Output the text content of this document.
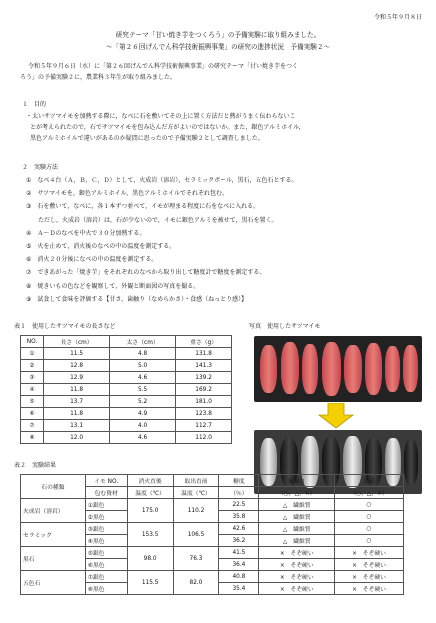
令和５年９月８日
研究テーマ「甘い焼き芋をつくろう」の予備実験に取り組みました。
～「第２６回げんでん科学技術振興事業」の研究の進捗状況　予備実験２～
令和５年９月６日（水）に「第２６回げんでん科学技術振興事業」の研究テーマ「甘い焼き芋をつく
ろう」の予備実験２に，農業科３年生が取り組みました。
１　目的
・太いサツマイモを加熱する際に，なべに石を敷いてその上に置く方法だと熱がうまく伝わらないこ
とが考えられたので，石でサツマイモを包み込んだ方がよいのではないか。また，銀色アルミホイル，
黒色アルミホイルで違いがあるのか疑問に思ったので予備実験２として調査しました。
２　実験方法
①　なべ４台（Ａ，Ｂ，Ｃ，Ｄ）として，火成岩（溶岩），セラミックボール，黒石，五色石とする。
②　サツマイモを，銀色アルミホイル，黒色アルミホイルでそれぞれ包む。
③　石を敷いて，なべに，各１本ずつ並べて，イモが埋まる程度に石をなべに入れる。
　　ただし，火成岩（溶岩）は，石が少ないので，イモに銀色アルミを被せて，黒石を置く。
④　Ａ～Ｄのなべを中火で３０分加熱する。
⑤　火を止めて，消火後のなべの中の温度を測定する。
⑥　消火２０分後になべの中の温度を測定する。
⑦　できあがった「焼き芋」をそれぞれのなべから取り出して糖度計で糖度を測定する。
⑧　焼きいもの色などを観察して，外観と断面図の写真を撮る。
⑨　試食して食味を評価する【甘さ，歯触り（なめらかさ）・食感（ねっとり感）】
表１　使用したサツマイモの長さなど
NO.	長さ（cm）	太さ（cm）	重さ（g）
①	11.5	4.8	131.8
②	12.8	5.0	141.3
③	12.9	4.6	139.2
④	11.8	5.5	169.2
⑤	13.7	5.2	181.0
⑥	11.8	4.9	123.8
⑦	13.1	4.0	112.7
⑧	12.0	4.6	112.0
写真　使用したサツマイモ
表２　実験結果
石の種類	イモ NO.	消火直後	取出直前	糖度	歯触り	食感
	包む資材	温度（℃）	温度（℃）	（％）	（○，△，×）	（○，△，×）
火成岩（溶岩）	①銀色	175.0	110.2	22.5	△　繊維質	○
	②黒色			35.8	△　繊維質	○
セラミック	③銀色	153.5	106.5	42.6	△　繊維質	○
	④黒色			36.2	△　繊維質	○
黒石	⑤銀色	98.0	76.3	41.5	×　そぞ硬い	×　そぞ硬い
	⑥黒色			36.4	×　そぞ硬い	×　そぞ硬い
五色石	⑦銀色	115.5	82.0	40.8	×　そぞ硬い	×　そぞ硬い
	⑧黒色			35.4	×　そぞ硬い	×　そぞ硬い
